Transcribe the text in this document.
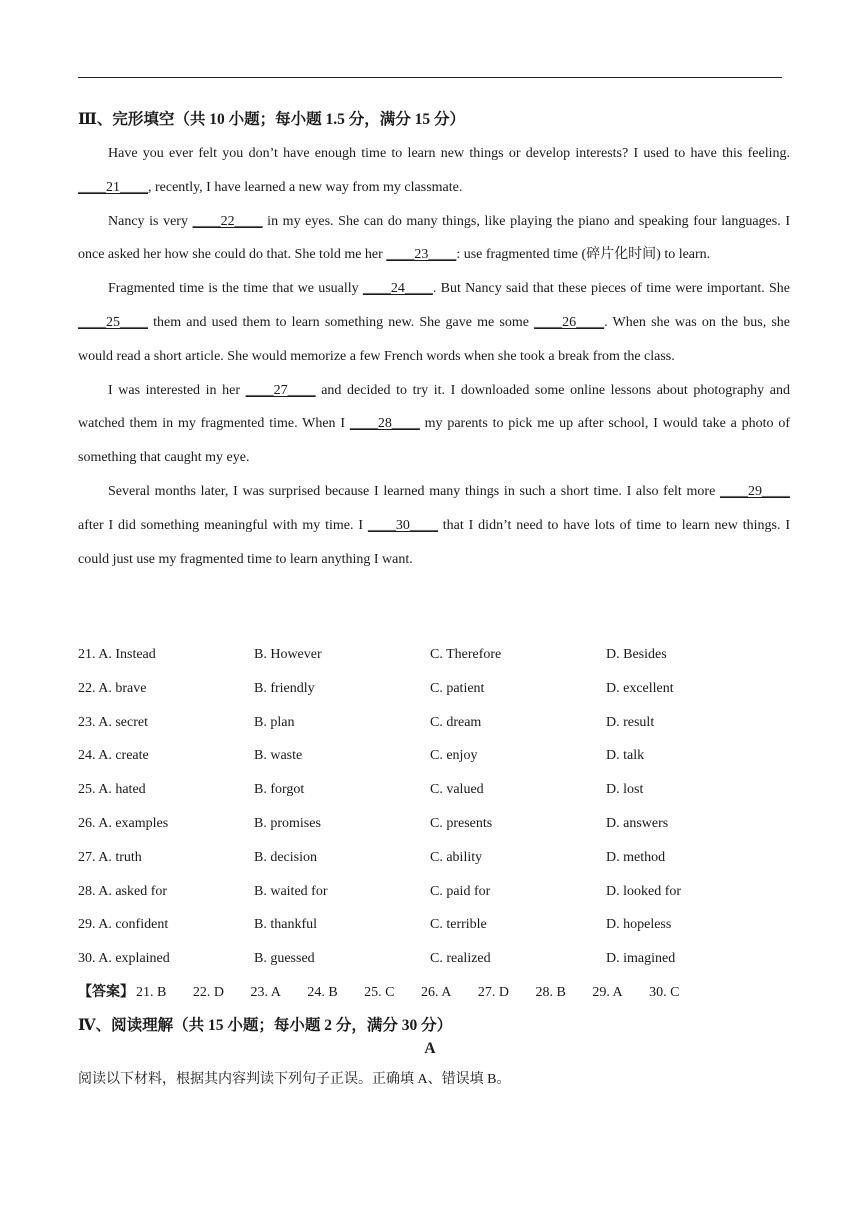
Ⅲ、完形填空（共 10 小题；每小题 1.5 分，满分 15 分）

Have you ever felt you don’t have enough time to learn new things or develop interests? I used to have this feeling. ____21____, recently, I have learned a new way from my classmate.

Nancy is very ____22____ in my eyes. She can do many things, like playing the piano and speaking four languages. I once asked her how she could do that. She told me her ____23____: use fragmented time (碎片化时间) to learn.

Fragmented time is the time that we usually ____24____. But Nancy said that these pieces of time were important. She ____25____ them and used them to learn something new. She gave me some ____26____. When she was on the bus, she would read a short article. She would memorize a few French words when she took a break from the class.

I was interested in her ____27____ and decided to try it. I downloaded some online lessons about photography and watched them in my fragmented time. When I ____28____ my parents to pick me up after school, I would take a photo of something that caught my eye.

Several months later, I was surprised because I learned many things in such a short time. I also felt more ____29____ after I did something meaningful with my time. I ____30____ that I didn’t need to have lots of time to learn new things. I could just use my fragmented time to learn anything I want.

21. A. Instead	B. However	C. Therefore	D. Besides
22. A. brave	B. friendly	C. patient	D. excellent
23. A. secret	B. plan	C. dream	D. result
24. A. create	B. waste	C. enjoy	D. talk
25. A. hated	B. forgot	C. valued	D. lost
26. A. examples	B. promises	C. presents	D. answers
27. A. truth	B. decision	C. ability	D. method
28. A. asked for	B. waited for	C. paid for	D. looked for
29. A. confident	B. thankful	C. terrible	D. hopeless
30. A. explained	B. guessed	C. realized	D. imagined
【答案】 21. B 22. D 23. A 24. B 25. C 26. A 27. D 28. B 29. A 30. C
Ⅳ、阅读理解（共 15 小题；每小题 2 分，满分 30 分）
A
阅读以下材料，根据其内容判读下列句子正误。正确填 A、错误填 B。
